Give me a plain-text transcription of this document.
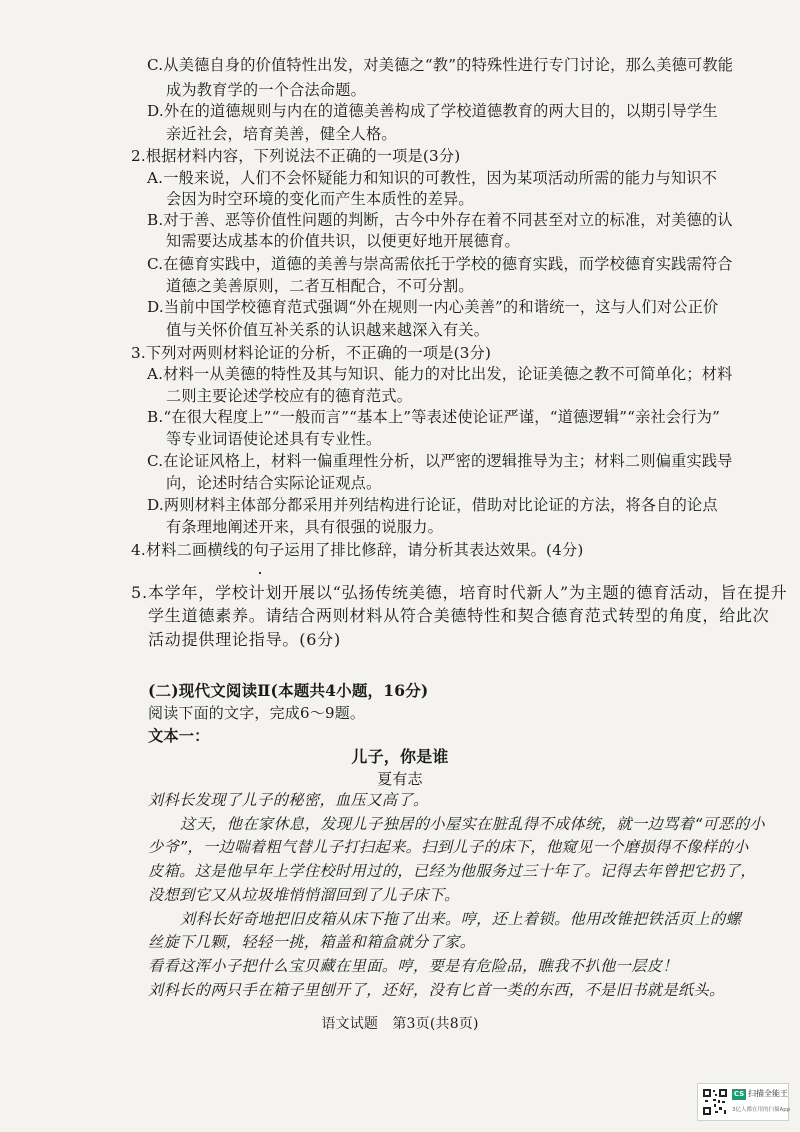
C.从美德自身的价值特性出发，对美德之“教”的特殊性进行专门讨论，那么美德可教能
成为教育学的一个合法命题。
D.外在的道德规则与内在的道德美善构成了学校道德教育的两大目的，以期引导学生
亲近社会，培育美善，健全人格。
2.根据材料内容，下列说法不正确的一项是(3分)
A.一般来说，人们不会怀疑能力和知识的可教性，因为某项活动所需的能力与知识不
会因为时空环境的变化而产生本质性的差异。
B.对于善、恶等价值性问题的判断，古今中外存在着不同甚至对立的标准，对美德的认
知需要达成基本的价值共识，以便更好地开展德育。
C.在德育实践中，道德的美善与崇高需依托于学校的德育实践，而学校德育实践需符合
道德之美善原则，二者互相配合，不可分割。
D.当前中国学校德育范式强调“外在规则一内心美善”的和谐统一，这与人们对公正价
值与关怀价值互补关系的认识越来越深入有关。
3.下列对两则材料论证的分析，不正确的一项是(3分)
A.材料一从美德的特性及其与知识、能力的对比出发，论证美德之教不可简单化；材料
二则主要论述学校应有的德育范式。
B.“在很大程度上”“一般而言”“基本上”等表述使论证严谨，“道德逻辑”“亲社会行为”
等专业词语使论述具有专业性。
C.在论证风格上，材料一偏重理性分析，以严密的逻辑推导为主；材料二则偏重实践导
向，论述时结合实际论证观点。
D.两则材料主体部分都采用并列结构进行论证，借助对比论证的方法，将各自的论点
有条理地阐述开来，具有很强的说服力。
4.材料二画横线的句子运用了排比修辞，请分析其表达效果。(4分)
5.本学年，学校计划开展以“弘扬传统美德，培育时代新人”为主题的德育活动，旨在提升
学生道德素养。请结合两则材料从符合美德特性和契合德育范式转型的角度，给此次
活动提供理论指导。(6分)
(二)现代文阅读Ⅱ(本题共4小题，16分)
阅读下面的文字，完成6～9题。
文本一：
儿子，你是谁
夏有志
刘科长发现了儿子的秘密，血压又高了。
这天，他在家休息，发现儿子独居的小屋实在脏乱得不成体统，就一边骂着“可恶的小
少爷”，一边喘着粗气替儿子打扫起来。扫到儿子的床下，他窥见一个磨损得不像样的小
皮箱。这是他早年上学住校时用过的，已经为他服务过三十年了。记得去年曾把它扔了，
没想到它又从垃圾堆悄悄溜回到了儿子床下。
刘科长好奇地把旧皮箱从床下拖了出来。哼，还上着锁。他用改锥把铁活页上的螺
丝旋下几颗，轻轻一挑，箱盖和箱盒就分了家。
看看这浑小子把什么宝贝藏在里面。哼，要是有危险品，瞧我不扒他一层皮！
刘科长的两只手在箱子里刨开了，还好，没有匕首一类的东西，不是旧书就是纸头。
语文试题　第3页(共8页)
CS 扫描全能王
3亿人都在用的扫描App
